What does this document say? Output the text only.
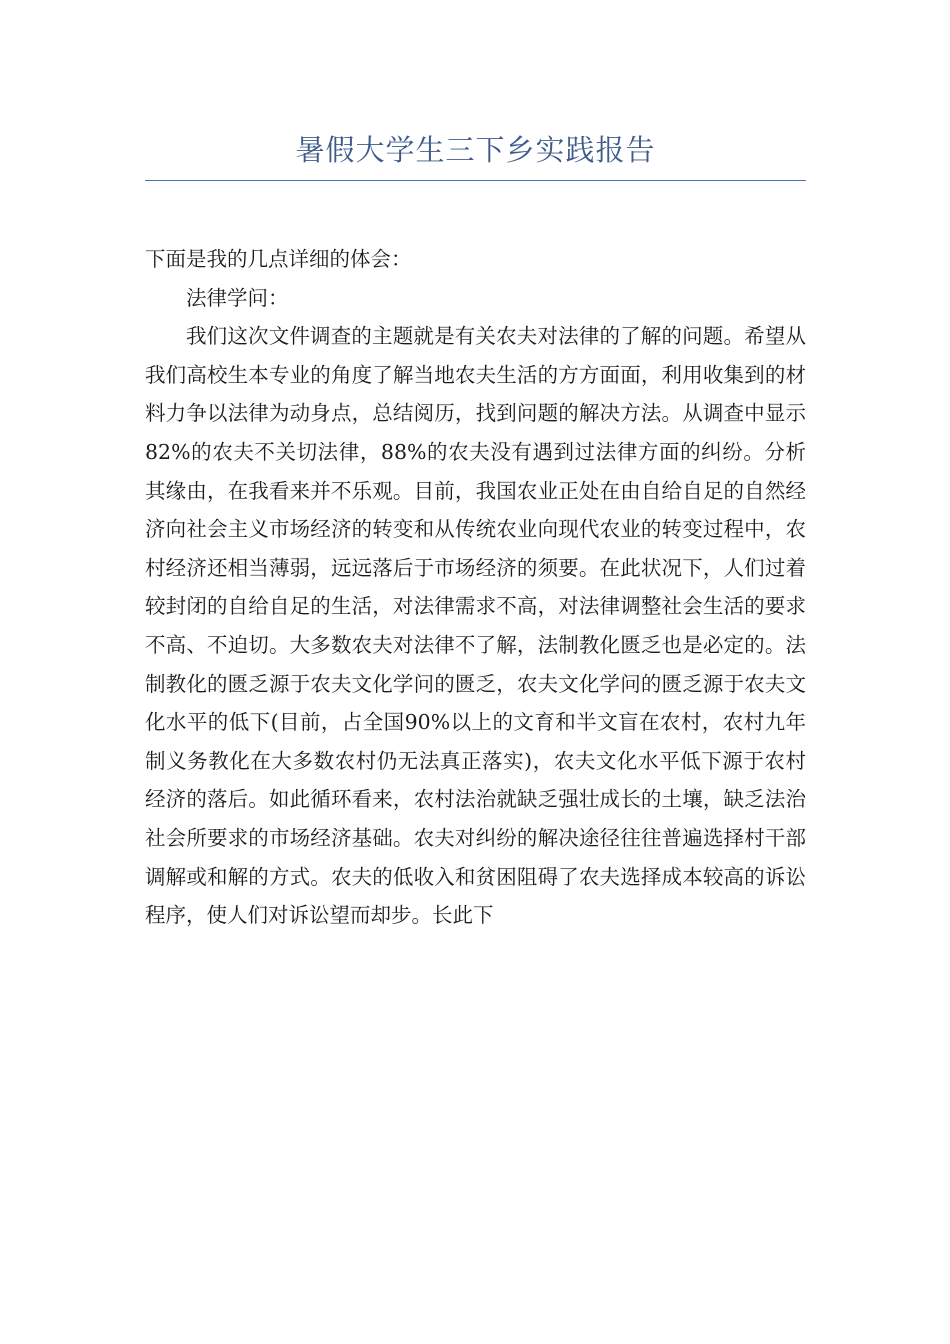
暑假大学生三下乡实践报告

下面是我的几点详细的体会：

法律学问：

我们这次文件调查的主题就是有关农夫对法律的了解的问题。希望从我们高校生本专业的角度了解当地农夫生活的方方面面，利用收集到的材料力争以法律为动身点，总结阅历，找到问题的解决方法。从调查中显示82%的农夫不关切法律，88%的农夫没有遇到过法律方面的纠纷。分析其缘由，在我看来并不乐观。目前，我国农业正处在由自给自足的自然经济向社会主义市场经济的转变和从传统农业向现代农业的转变过程中，农村经济还相当薄弱，远远落后于市场经济的须要。在此状况下，人们过着较封闭的自给自足的生活，对法律需求不高，对法律调整社会生活的要求不高、不迫切。大多数农夫对法律不了解，法制教化匮乏也是必定的。法制教化的匮乏源于农夫文化学问的匮乏，农夫文化学问的匮乏源于农夫文化水平的低下(目前，占全国90%以上的文育和半文盲在农村，农村九年制义务教化在大多数农村仍无法真正落实)，农夫文化水平低下源于农村经济的落后。如此循环看来，农村法治就缺乏强壮成长的土壤，缺乏法治社会所要求的市场经济基础。农夫对纠纷的解决途径往往普遍选择村干部调解或和解的方式。农夫的低收入和贫困阻碍了农夫选择成本较高的诉讼程序，使人们对诉讼望而却步。长此下
